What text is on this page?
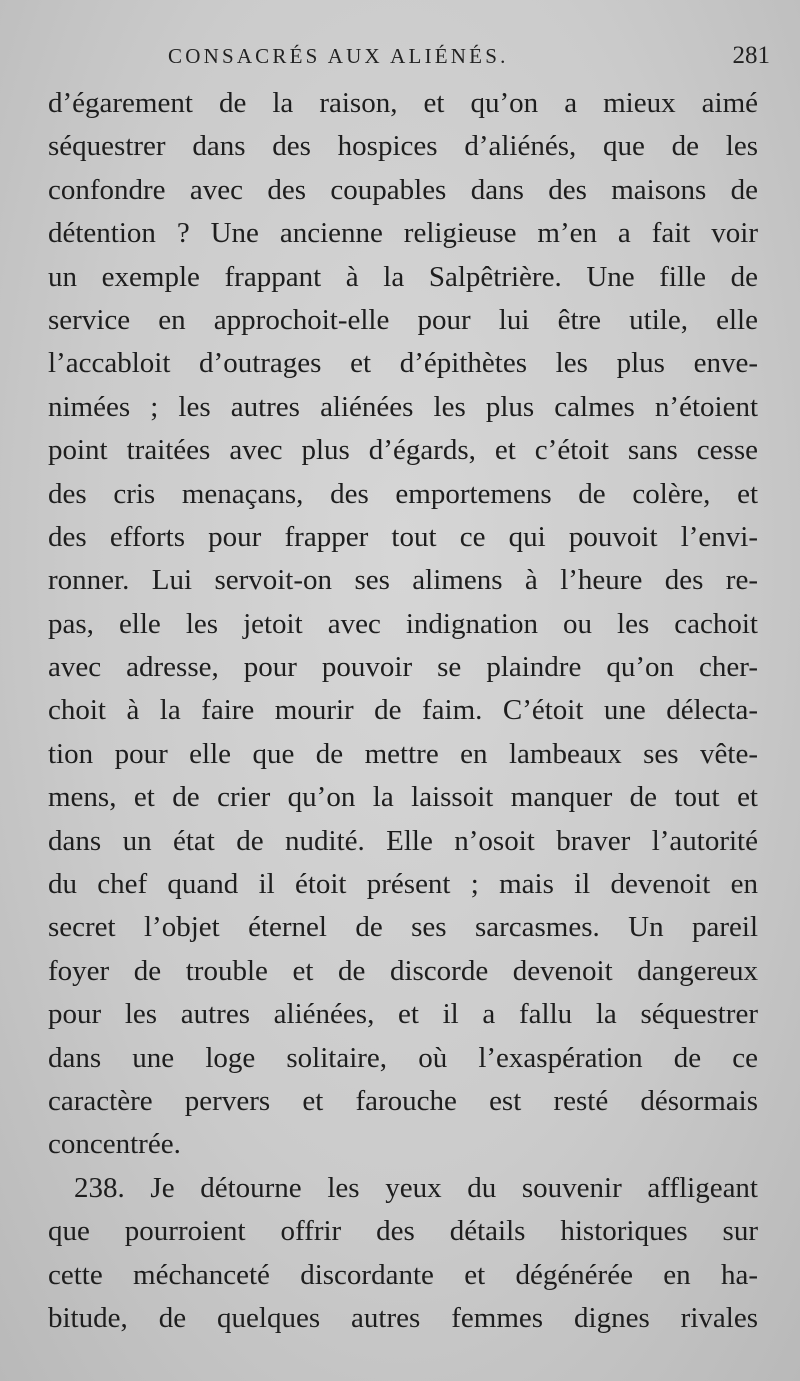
CONSACRÉS AUX ALIÉNÉS.	281
d’égarement de la raison, et qu’on a mieux aimé
séquestrer dans des hospices d’aliénés, que de les
confondre avec des coupables dans des maisons de
détention ? Une ancienne religieuse m’en a fait voir
un exemple frappant à la Salpêtrière. Une fille de
service en approchoit-elle pour lui être utile, elle
l’accabloit d’outrages et d’épithètes les plus enve-
nimées ; les autres aliénées les plus calmes n’étoient
point traitées avec plus d’égards, et c’étoit sans cesse
des cris menaçans, des emportemens de colère, et
des efforts pour frapper tout ce qui pouvoit l’envi-
ronner. Lui servoit-on ses alimens à l’heure des re-
pas, elle les jetoit avec indignation ou les cachoit
avec adresse, pour pouvoir se plaindre qu’on cher-
choit à la faire mourir de faim. C’étoit une délecta-
tion pour elle que de mettre en lambeaux ses vête-
mens, et de crier qu’on la laissoit manquer de tout et
dans un état de nudité. Elle n’osoit braver l’autorité
du chef quand il étoit présent ; mais il devenoit en
secret l’objet éternel de ses sarcasmes. Un pareil
foyer de trouble et de discorde devenoit dangereux
pour les autres aliénées, et il a fallu la séquestrer
dans une loge solitaire, où l’exaspération de ce
caractère pervers et farouche est resté désormais
concentrée.
238. Je détourne les yeux du souvenir affligeant
que pourroient offrir des détails historiques sur
cette méchanceté discordante et dégénérée en ha-
bitude, de quelques autres femmes dignes rivales
